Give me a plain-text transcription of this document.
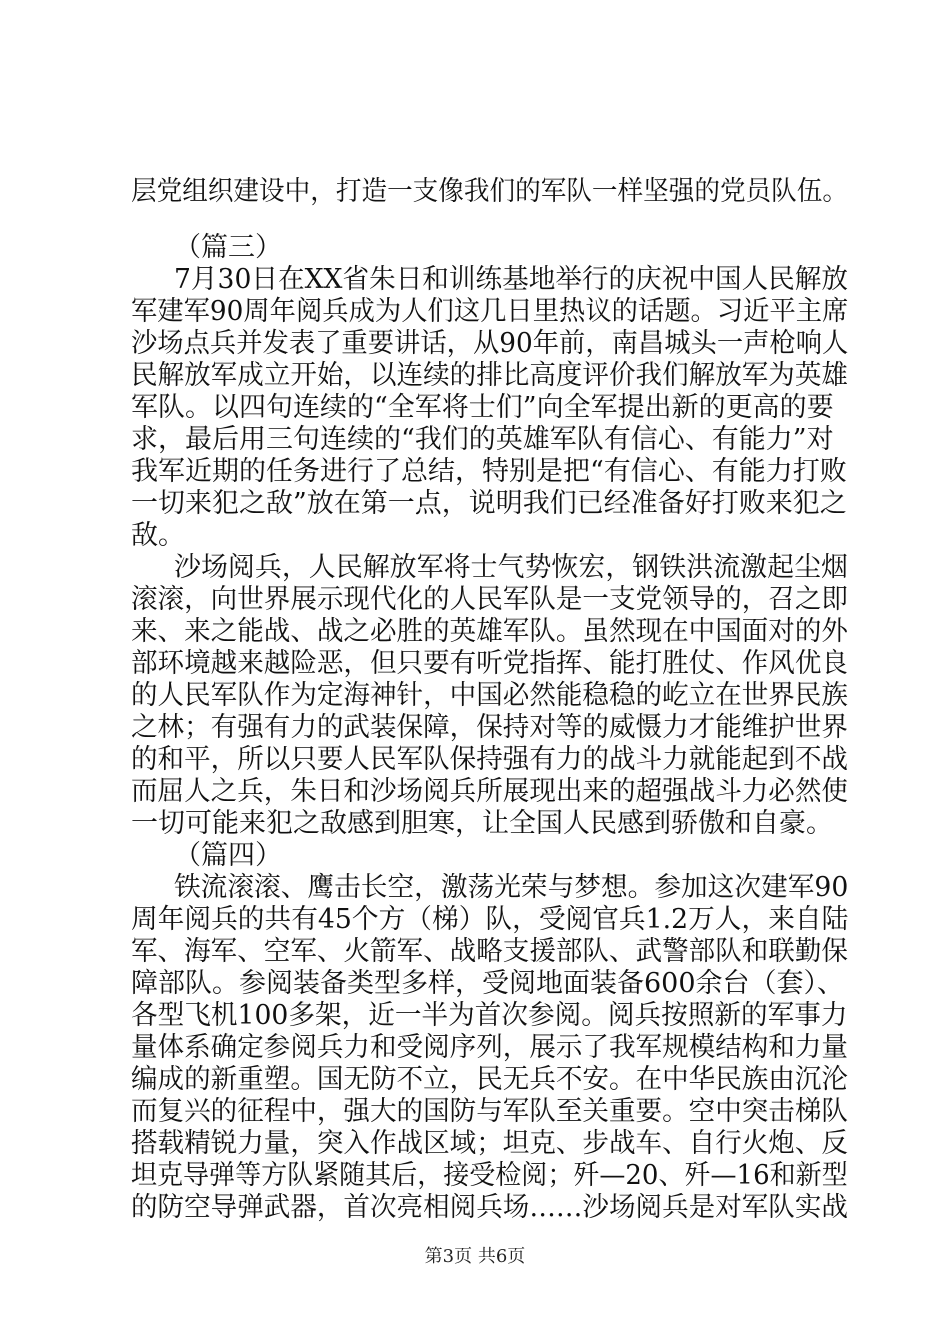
层党组织建设中，打造一支像我们的军队一样坚强的党员队伍。
（篇三）
7月30日在XX省朱日和训练基地举行的庆祝中国人民解放
军建军90周年阅兵成为人们这几日里热议的话题。习近平主席
沙场点兵并发表了重要讲话，从90年前，南昌城头一声枪响人
民解放军成立开始，以连续的排比高度评价我们解放军为英雄
军队。以四句连续的“全军将士们”向全军提出新的更高的要
求，最后用三句连续的“我们的英雄军队有信心、有能力”对
我军近期的任务进行了总结，特别是把“有信心、有能力打败
一切来犯之敌”放在第一点，说明我们已经准备好打败来犯之
敌。
沙场阅兵，人民解放军将士气势恢宏，钢铁洪流激起尘烟
滚滚，向世界展示现代化的人民军队是一支党领导的，召之即
来、来之能战、战之必胜的英雄军队。虽然现在中国面对的外
部环境越来越险恶，但只要有听党指挥、能打胜仗、作风优良
的人民军队作为定海神针，中国必然能稳稳的屹立在世界民族
之林；有强有力的武装保障，保持对等的威慑力才能维护世界
的和平，所以只要人民军队保持强有力的战斗力就能起到不战
而屈人之兵，朱日和沙场阅兵所展现出来的超强战斗力必然使
一切可能来犯之敌感到胆寒，让全国人民感到骄傲和自豪。
（篇四）
铁流滚滚、鹰击长空，激荡光荣与梦想。参加这次建军90
周年阅兵的共有45个方（梯）队，受阅官兵1.2万人，来自陆
军、海军、空军、火箭军、战略支援部队、武警部队和联勤保
障部队。参阅装备类型多样，受阅地面装备600余台（套）、
各型飞机100多架，近一半为首次参阅。阅兵按照新的军事力
量体系确定参阅兵力和受阅序列，展示了我军规模结构和力量
编成的新重塑。国无防不立，民无兵不安。在中华民族由沉沦
而复兴的征程中，强大的国防与军队至关重要。空中突击梯队
搭载精锐力量，突入作战区域；坦克、步战车、自行火炮、反
坦克导弹等方队紧随其后，接受检阅；歼—20、歼—16和新型
的防空导弹武器，首次亮相阅兵场……沙场阅兵是对军队实战
第3页 共6页
